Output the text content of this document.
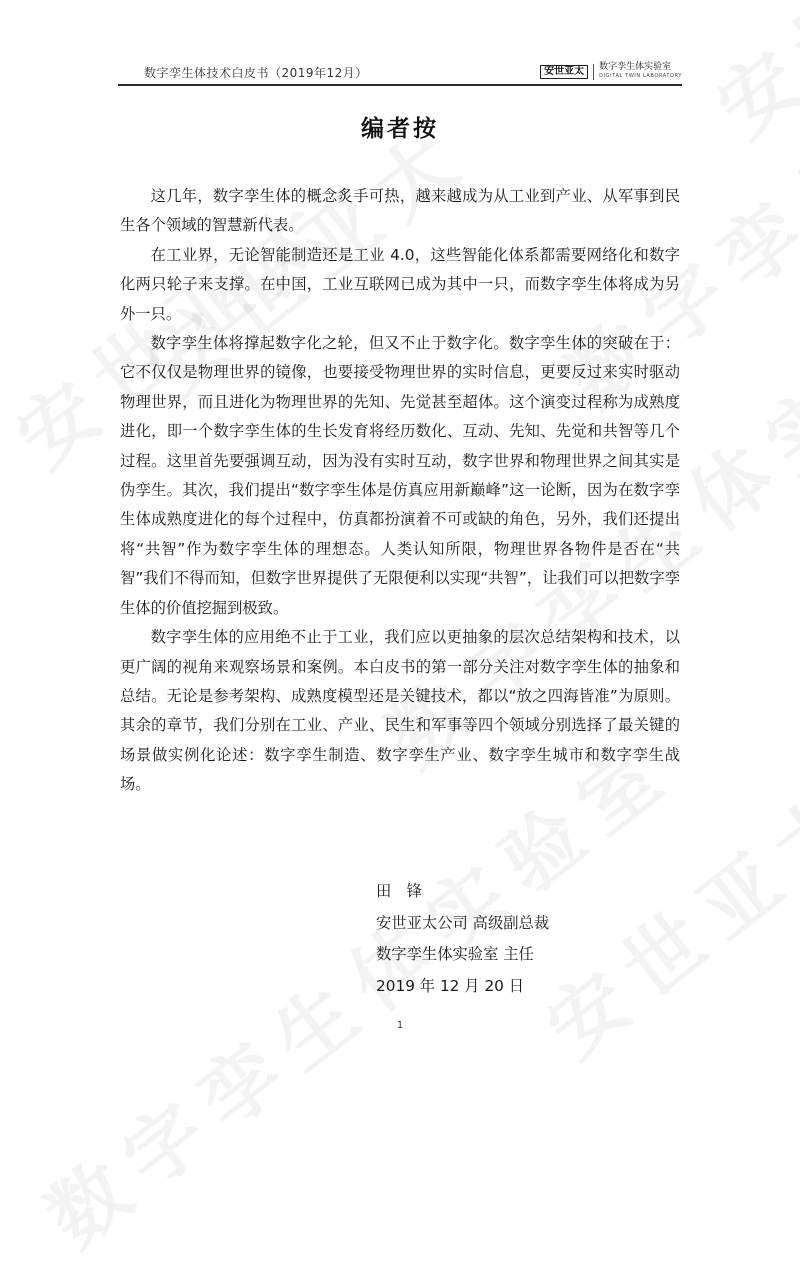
数字孪生体技术白皮书（2019年12月）	安世亚太	数字孪生体实验室
DIGITAL TWIN LABORATORY
编者按

这几年，数字孪生体的概念炙手可热，越来越成为从工业到产业、从军事到民生各个领域的智慧新代表。

在工业界，无论智能制造还是工业 4.0，这些智能化体系都需要网络化和数字化两只轮子来支撑。在中国，工业互联网已成为其中一只，而数字孪生体将成为另外一只。

数字孪生体将撑起数字化之轮，但又不止于数字化。数字孪生体的突破在于：它不仅仅是物理世界的镜像，也要接受物理世界的实时信息，更要反过来实时驱动物理世界，而且进化为物理世界的先知、先觉甚至超体。这个演变过程称为成熟度进化，即一个数字孪生体的生长发育将经历数化、互动、先知、先觉和共智等几个过程。这里首先要强调互动，因为没有实时互动，数字世界和物理世界之间其实是伪孪生。其次，我们提出“数字孪生体是仿真应用新巅峰”这一论断，因为在数字孪生体成熟度进化的每个过程中，仿真都扮演着不可或缺的角色，另外，我们还提出将“共智”作为数字孪生体的理想态。人类认知所限，物理世界各物件是否在“共智”我们不得而知，但数字世界提供了无限便利以实现“共智”，让我们可以把数字孪生体的价值挖掘到极致。

数字孪生体的应用绝不止于工业，我们应以更抽象的层次总结架构和技术，以更广阔的视角来观察场景和案例。本白皮书的第一部分关注对数字孪生体的抽象和总结。无论是参考架构、成熟度模型还是关键技术，都以“放之四海皆准”为原则。其余的章节，我们分别在工业、产业、民生和军事等四个领域分别选择了最关键的场景做实例化论述：数字孪生制造、数字孪生产业、数字孪生城市和数字孪生战场。

田　锋
安世亚太公司 高级副总裁
数字孪生体实验室 主任
2019 年 12 月 20 日
1
